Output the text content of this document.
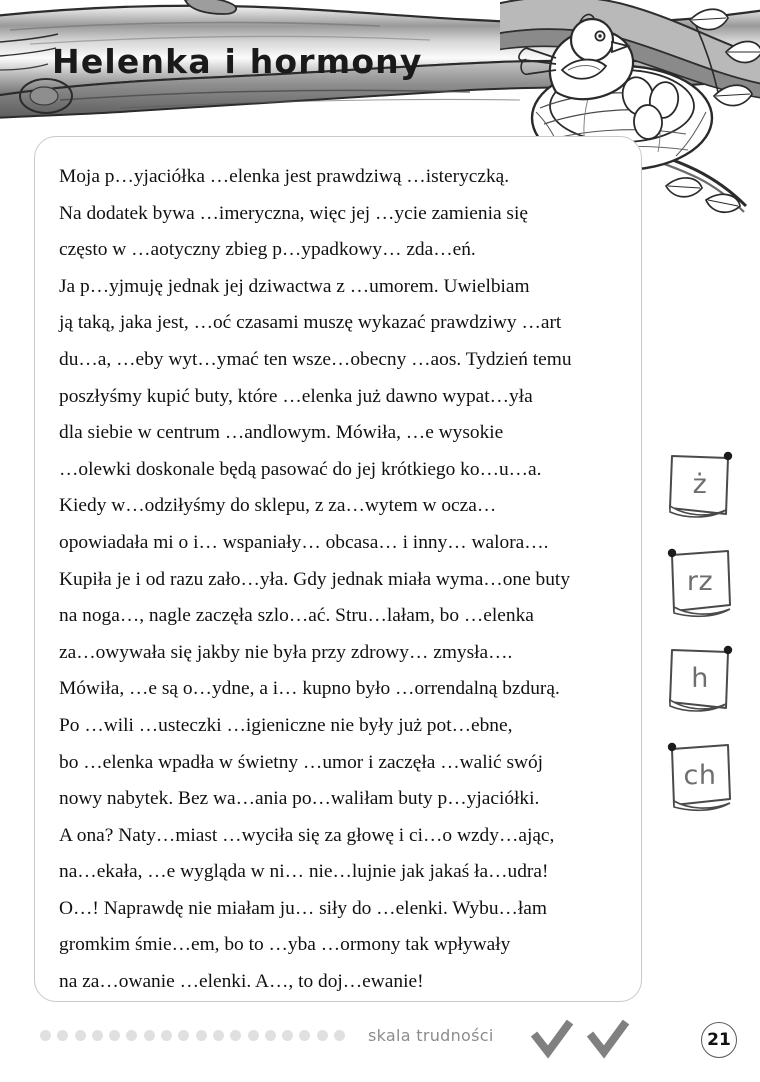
Helenka i hormony
Moja p…yjaciółka …elenka jest prawdziwą …isteryczką.
Na dodatek bywa …imeryczna, więc jej …ycie zamienia się
często w …aotyczny zbieg p…ypadkowy… zda…eń.
Ja p…yjmuję jednak jej dziwactwa z …umorem. Uwielbiam
ją taką, jaka jest, …oć czasami muszę wykazać prawdziwy …art
du…a, …eby wyt…ymać ten wsze…obecny …aos. Tydzień temu
poszłyśmy kupić buty, które …elenka już dawno wypat…yła
dla siebie w centrum …andlowym. Mówiła, …e wysokie
…olewki doskonale będą pasować do jej krótkiego ko…u…a.
Kiedy w…odziłyśmy do sklepu, z za…wytem w ocza…
opowiadała mi o i… wspaniały… obcasa… i inny… walora….
Kupiła je i od razu zało…yła. Gdy jednak miała wyma…one buty
na noga…, nagle zaczęła szlo…ać. Stru…lałam, bo …elenka
za…owywała się jakby nie była przy zdrowy… zmysła….
Mówiła, …e są o…ydne, a i… kupno było …orrendalną bzdurą.
Po …wili …usteczki …igieniczne nie były już pot…ebne,
bo …elenka wpadła w świetny …umor i zaczęła …walić swój
nowy nabytek. Bez wa…ania po…waliłam buty p…yjaciółki.
A ona? Naty…miast …wyciła się za głowę i ci…o wzdy…ając,
na…ekała, …e wygląda w ni… nie…lujnie jak jakaś ła…udra!
O…! Naprawdę nie miałam ju… siły do …elenki. Wybu…łam
gromkim śmie…em, bo to …yba …ormony tak wpływały
na za…owanie …elenki. A…, to doj…ewanie!
ż
rz
h
ch
skala trudności	21
